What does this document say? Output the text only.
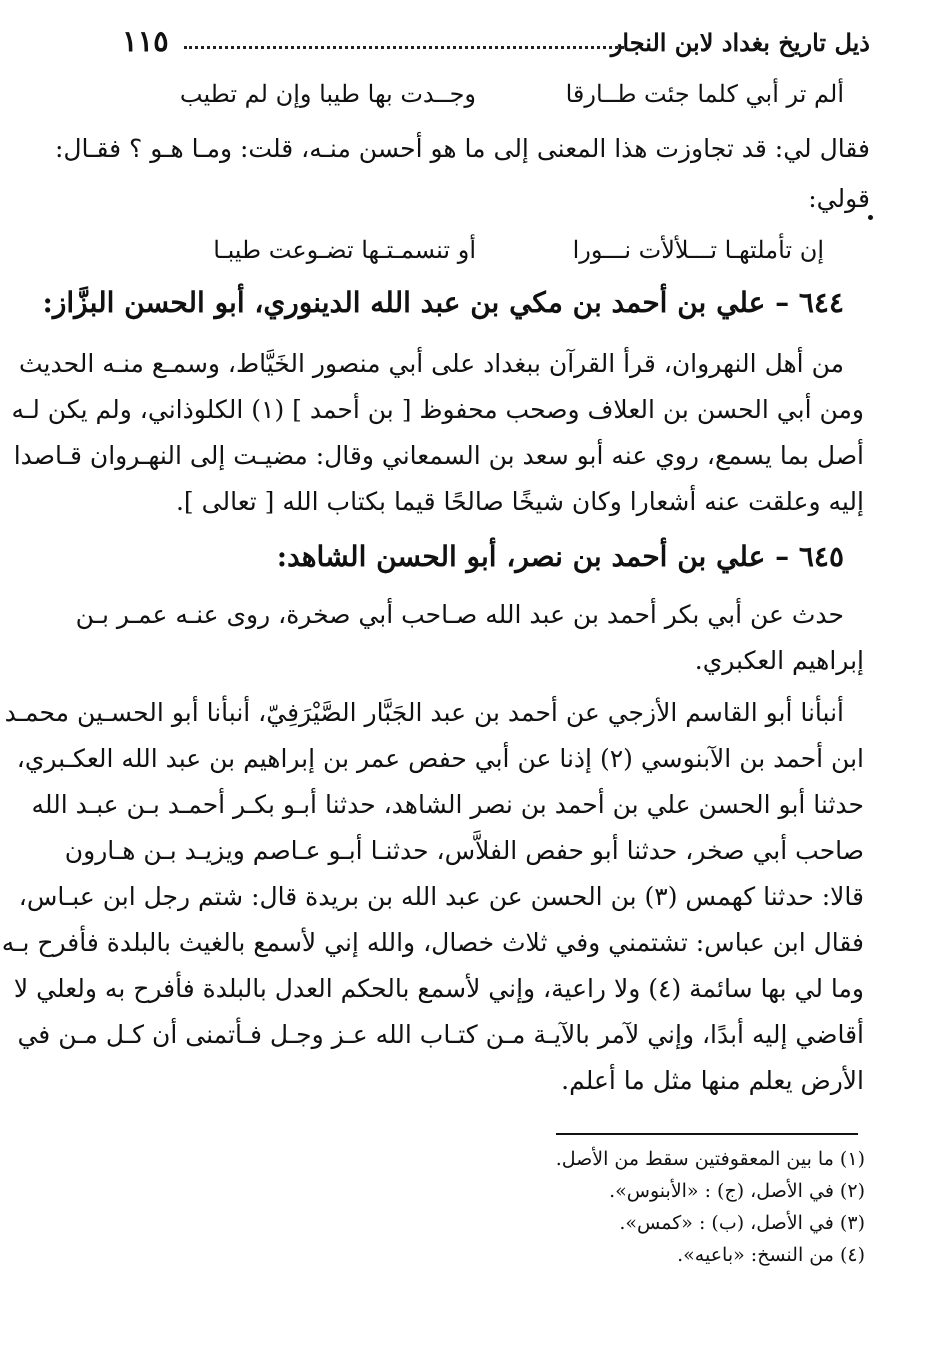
ذيل تاريخ بغداد لابن النجار
١١٥
ألم تر أبي كلما جئت طــارقا
وجــدت بها طيبا وإن لم تطيب
فقال لي: قد تجاوزت هذا المعنى إلى ما هو أحسن منـه، قلت: ومـا هـو ؟ فقـال:
قولي:
إن تأملتهـا تـــلألأت نـــورا
أو تنسمـتـها تضـوعت طيبـا
٦٤٤ – علي بن أحمد بن مكي بن عبد الله الدينوري، أبو الحسن البزَّاز:
من أهل النهروان، قرأ القرآن ببغداد على أبي منصور الخَيَّاط، وسمـع منـه الحديث
ومن أبي الحسن بن العلاف وصحب محفوظ [ بن أحمد ] (١) الكلوذاني، ولم يكن لـه
أصل بما يسمع، روي عنه أبو سعد بن السمعاني وقال: مضيـت إلى النهـروان قـاصدا
إليه وعلقت عنه أشعارا وكان شيخًا صالحًا قيما بكتاب الله [ تعالى ].
٦٤٥ – علي بن أحمد بن نصر، أبو الحسن الشاهد:
حدث عن أبي بكر أحمد بن عبد الله صـاحب أبي صخرة، روى عنـه عمـر بـن
إبراهيم العكبري.
أنبأنا أبو القاسم الأزجي عن أحمد بن عبد الجَبَّار الصَّيْرَفِيّ، أنبأنا أبو الحسـين محمـد
ابن أحمد بن الآبنوسي (٢) إذنا عن أبي حفص عمر بن إبراهيم بن عبد الله العكـبري،
حدثنا أبو الحسن علي بن أحمد بن نصر الشاهد، حدثنا أبـو بكـر أحمـد بـن عبـد الله
صاحب أبي صخر، حدثنا أبو حفص الفلاَّس، حدثنـا أبـو عـاصم ويزيـد بـن هـارون
قالا: حدثنا كهمس (٣) بن الحسن عن عبد الله بن بريدة قال: شتم رجل ابن عبـاس،
فقال ابن عباس: تشتمني وفي ثلاث خصال، والله إني لأسمع بالغيث بالبلدة فأفرح بـه
وما لي بها سائمة (٤) ولا راعية، وإني لأسمع بالحكم العدل بالبلدة فأفرح به ولعلي لا
أقاضي إليه أبدًا، وإني لآمر بالآيـة مـن كتـاب الله عـز وجـل فـأتمنى أن كـل مـن في
الأرض يعلم منها مثل ما أعلم.
(١) ما بين المعقوفتين سقط من الأصل.
(٢) في الأصل، (ج) : «الأبنوس».
(٣) في الأصل، (ب) : «كمس».
(٤) من النسخ: «باعيه».
